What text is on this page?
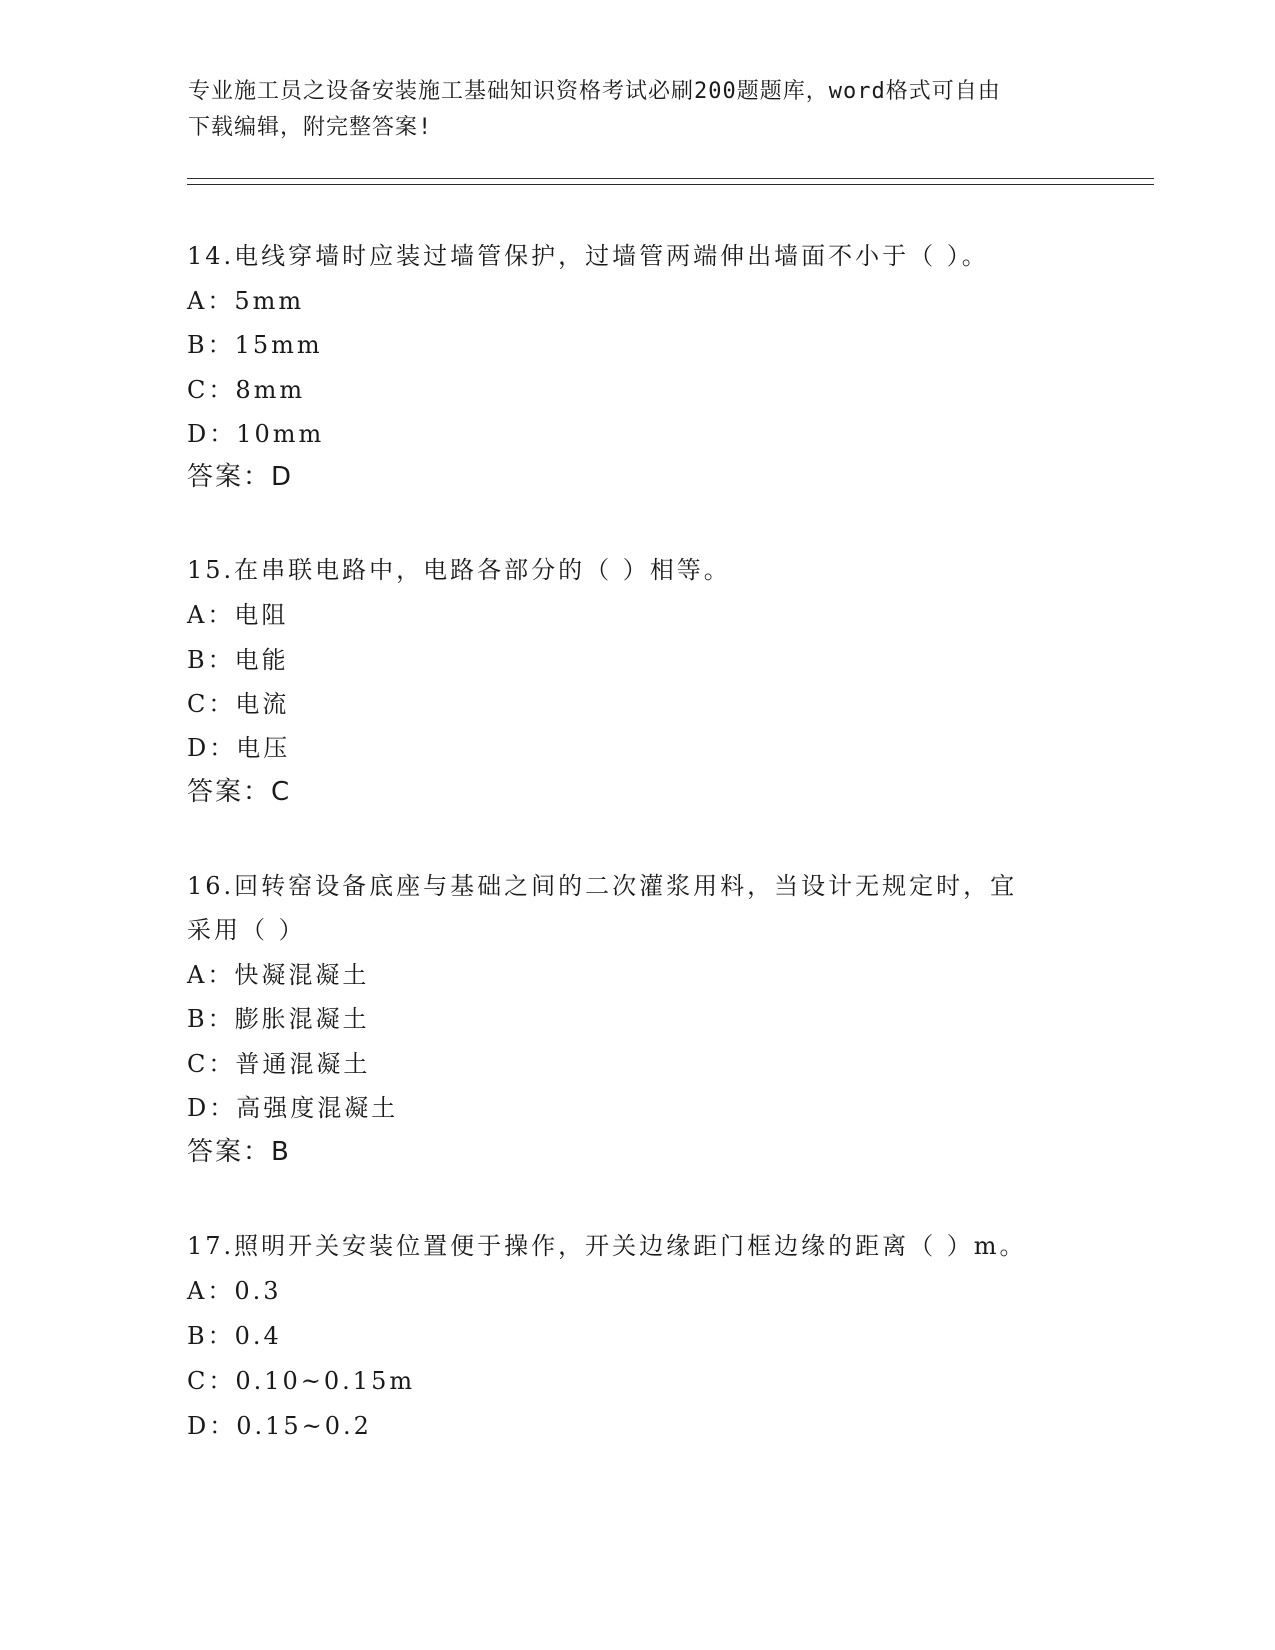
专业施工员之设备安装施工基础知识资格考试必刷200题题库，word格式可自由
下载编辑，附完整答案!
14.电线穿墙时应装过墙管保护，过墙管两端伸出墙面不小于（ ）。
A：5mm
B：15mm
C：8mm
D：10mm
答案：D
15.在串联电路中，电路各部分的（ ）相等。
A：电阻
B：电能
C：电流
D：电压
答案：C
16.回转窑设备底座与基础之间的二次灌浆用料，当设计无规定时，宜
采用（ ）
A：快凝混凝土
B：膨胀混凝土
C：普通混凝土
D：高强度混凝土
答案：B
17.照明开关安装位置便于操作，开关边缘距门框边缘的距离（ ）m。
A：0.3
B：0.4
C：0.10~0.15m
D：0.15~0.2
